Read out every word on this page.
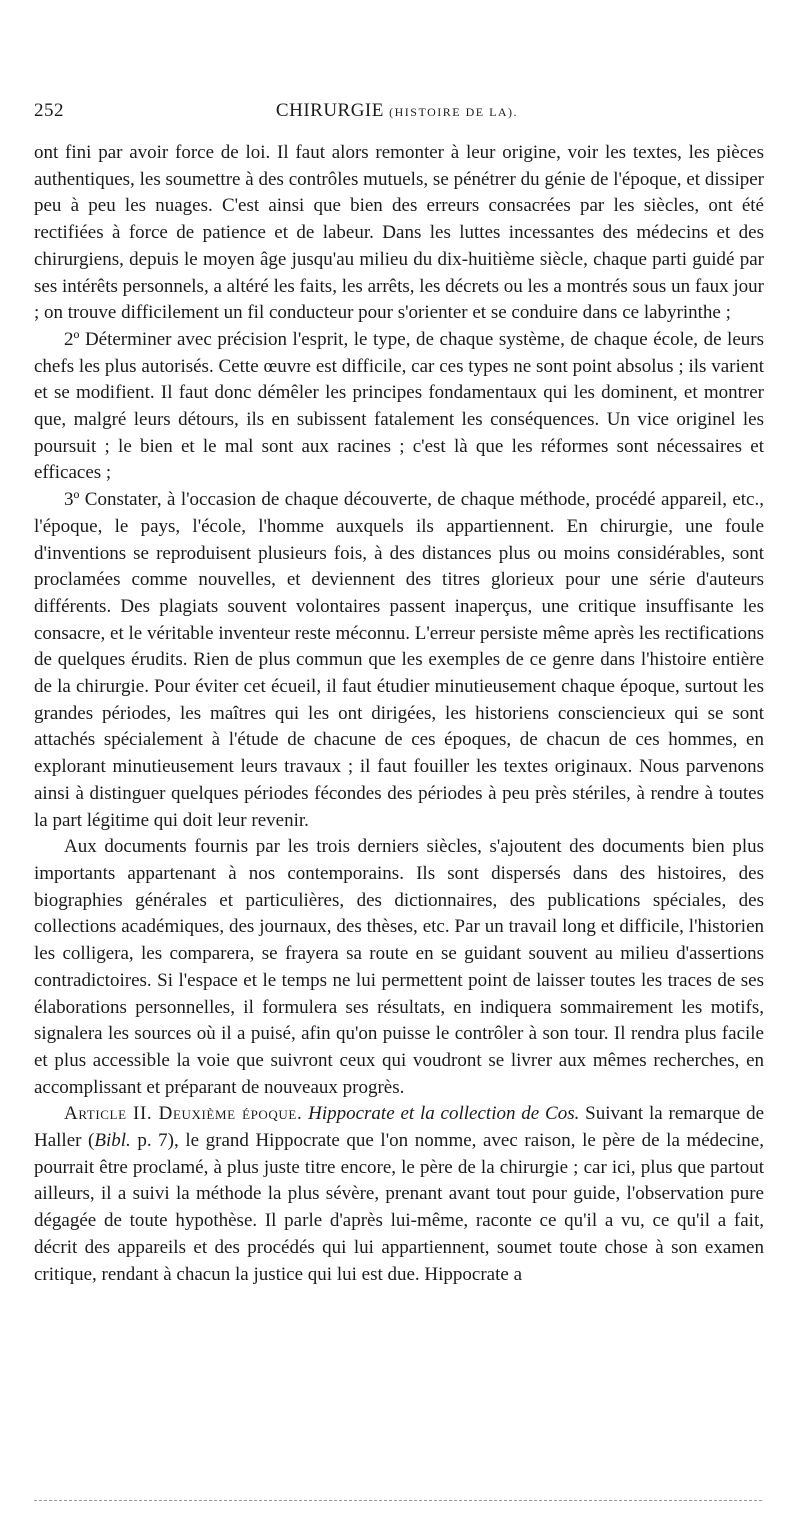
252	CHIRURGIE (HISTOIRE DE LA).

ont fini par avoir force de loi. Il faut alors remonter à leur origine, voir les textes, les pièces authentiques, les soumettre à des contrôles mutuels, se pénétrer du génie de l'époque, et dissiper peu à peu les nuages. C'est ainsi que bien des erreurs consacrées par les siècles, ont été rectifiées à force de patience et de labeur. Dans les luttes incessantes des médecins et des chirurgiens, depuis le moyen âge jusqu'au milieu du dix-huitième siècle, chaque parti guidé par ses intérêts personnels, a altéré les faits, les arrêts, les décrets ou les a montrés sous un faux jour ; on trouve difficilement un fil conducteur pour s'orienter et se conduire dans ce labyrinthe ;

2º Déterminer avec précision l'esprit, le type, de chaque système, de chaque école, de leurs chefs les plus autorisés. Cette œuvre est difficile, car ces types ne sont point absolus ; ils varient et se modifient. Il faut donc démêler les principes fondamentaux qui les dominent, et montrer que, malgré leurs détours, ils en subissent fatalement les conséquences. Un vice originel les poursuit ; le bien et le mal sont aux racines ; c'est là que les réformes sont nécessaires et efficaces ;

3º Constater, à l'occasion de chaque découverte, de chaque méthode, procédé appareil, etc., l'époque, le pays, l'école, l'homme auxquels ils appartiennent. En chirurgie, une foule d'inventions se reproduisent plusieurs fois, à des distances plus ou moins considérables, sont proclamées comme nouvelles, et deviennent des titres glorieux pour une série d'auteurs différents. Des plagiats souvent volontaires passent inaperçus, une critique insuffisante les consacre, et le véritable inventeur reste méconnu. L'erreur persiste même après les rectifications de quelques érudits. Rien de plus commun que les exemples de ce genre dans l'histoire entière de la chirurgie. Pour éviter cet écueil, il faut étudier minutieusement chaque époque, surtout les grandes périodes, les maîtres qui les ont dirigées, les historiens consciencieux qui se sont attachés spécialement à l'étude de chacune de ces époques, de chacun de ces hommes, en explorant minutieusement leurs travaux ; il faut fouiller les textes originaux. Nous parvenons ainsi à distinguer quelques périodes fécondes des périodes à peu près stériles, à rendre à toutes la part légitime qui doit leur revenir.

Aux documents fournis par les trois derniers siècles, s'ajoutent des documents bien plus importants appartenant à nos contemporains. Ils sont dispersés dans des histoires, des biographies générales et particulières, des dictionnaires, des publications spéciales, des collections académiques, des journaux, des thèses, etc. Par un travail long et difficile, l'historien les colligera, les comparera, se frayera sa route en se guidant souvent au milieu d'assertions contradictoires. Si l'espace et le temps ne lui permettent point de laisser toutes les traces de ses élaborations personnelles, il formulera ses résultats, en indiquera sommairement les motifs, signalera les sources où il a puisé, afin qu'on puisse le contrôler à son tour. Il rendra plus facile et plus accessible la voie que suivront ceux qui voudront se livrer aux mêmes recherches, en accomplissant et préparant de nouveaux progrès.

Article II. Deuxième époque. Hippocrate et la collection de Cos. Suivant la remarque de Haller (Bibl. p. 7), le grand Hippocrate que l'on nomme, avec raison, le père de la médecine, pourrait être proclamé, à plus juste titre encore, le père de la chirurgie ; car ici, plus que partout ailleurs, il a suivi la méthode la plus sévère, prenant avant tout pour guide, l'observation pure dégagée de toute hypothèse. Il parle d'après lui-même, raconte ce qu'il a vu, ce qu'il a fait, décrit des appareils et des procédés qui lui appartiennent, soumet toute chose à son examen critique, rendant à chacun la justice qui lui est due. Hippocrate a
